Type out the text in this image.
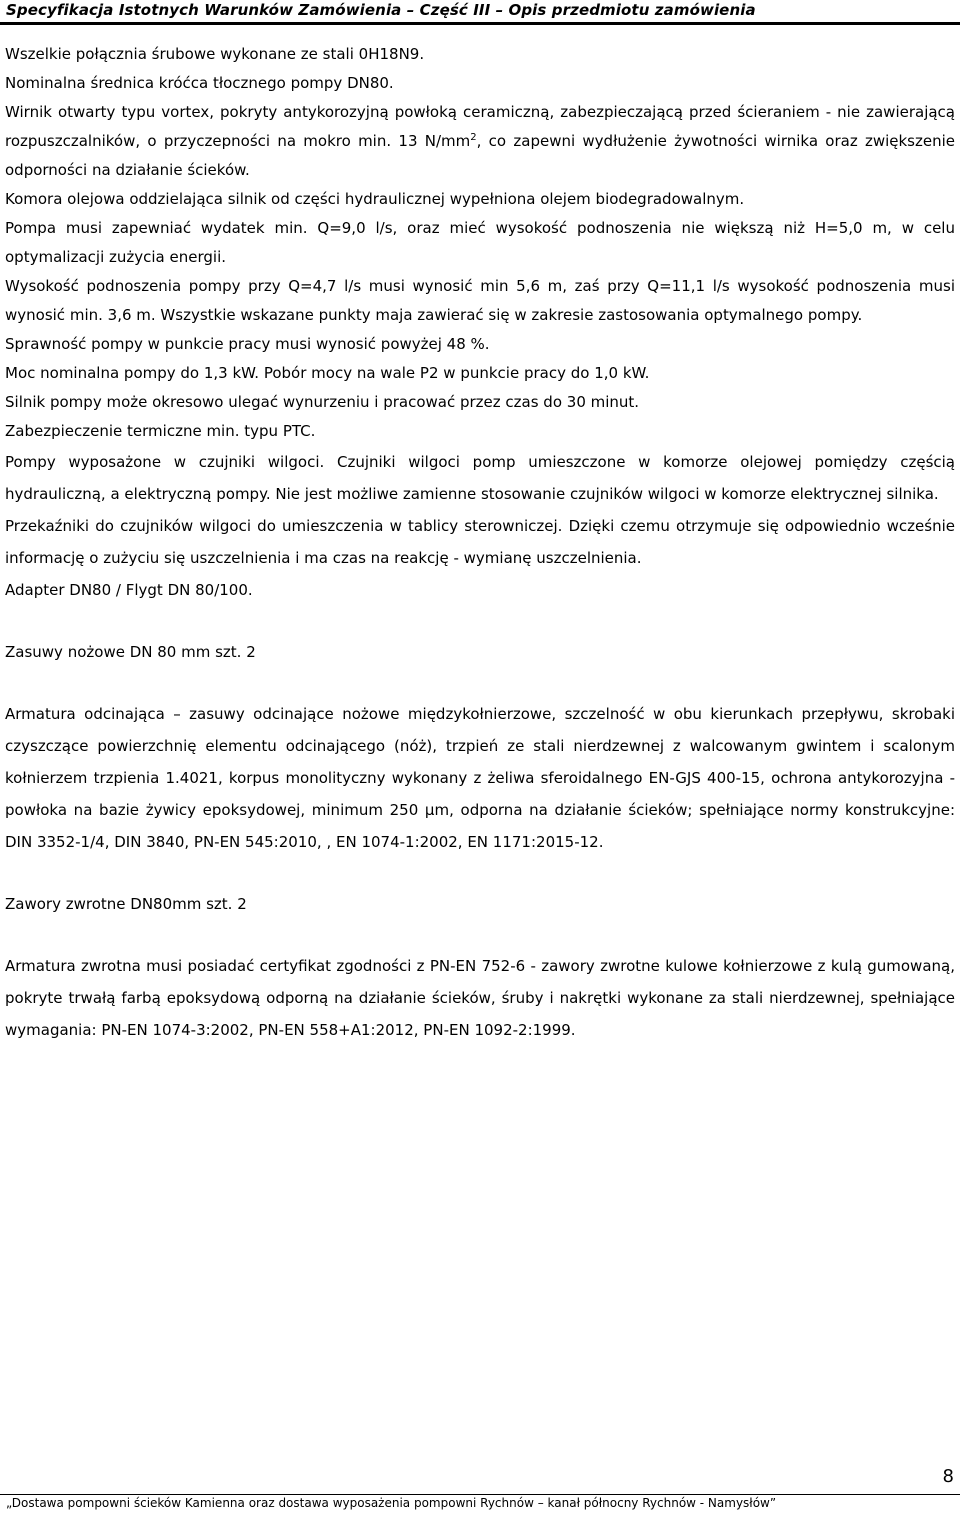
Specyfikacja Istotnych Warunków Zamówienia – Część III – Opis przedmiotu zamówienia

Wszelkie połącznia śrubowe wykonane ze stali 0H18N9.

Nominalna średnica króćca tłocznego pompy DN80.

Wirnik otwarty typu vortex, pokryty antykorozyjną powłoką ceramiczną, zabezpieczającą przed ścieraniem - nie zawierającą rozpuszczalników, o przyczepności na mokro min. 13 $N/mm^2$, co zapewni wydłużenie żywotności wirnika oraz zwiększenie odporności na działanie ścieków.

Komora olejowa oddzielająca silnik od części hydraulicznej wypełniona olejem biodegradowalnym.

Pompa musi zapewniać wydatek min. Q=9,0 l/s, oraz mieć wysokość podnoszenia nie większą niż H=5,0 m, w celu optymalizacji zużycia energii.

Wysokość podnoszenia pompy przy Q=4,7 l/s musi wynosić min 5,6 m, zaś przy Q=11,1 l/s wysokość podnoszenia musi wynosić min. 3,6 m. Wszystkie wskazane punkty maja zawierać się w zakresie zastosowania optymalnego pompy.

Sprawność pompy w punkcie pracy musi wynosić powyżej 48 %.

Moc nominalna pompy do 1,3 kW. Pobór mocy na wale P2 w punkcie pracy do 1,0 kW.

Silnik pompy może okresowo ulegać wynurzeniu i pracować przez czas do 30 minut.

Zabezpieczenie termiczne min. typu PTC.

Pompy wyposażone w czujniki wilgoci. Czujniki wilgoci pomp umieszczone w komorze olejowej pomiędzy częścią hydrauliczną, a elektryczną pompy. Nie jest możliwe zamienne stosowanie czujników wilgoci w komorze elektrycznej silnika.

Przekaźniki do czujników wilgoci do umieszczenia w tablicy sterowniczej. Dzięki czemu otrzymuje się odpowiednio wcześnie informację o zużyciu się uszczelnienia i ma czas na reakcję - wymianę uszczelnienia.

Adapter DN80 / Flygt DN 80/100.

Zasuwy nożowe DN 80 mm szt. 2

Armatura odcinająca – zasuwy odcinające nożowe międzykołnierzowe, szczelność w obu kierunkach przepływu, skrobaki czyszczące powierzchnię elementu odcinającego (nóż), trzpień ze stali nierdzewnej z walcowanym gwintem i scalonym kołnierzem trzpienia 1.4021, korpus monolityczny wykonany z żeliwa sferoidalnego EN-GJS 400-15, ochrona antykorozyjna - powłoka na bazie żywicy epoksydowej, minimum 250 µm, odporna na działanie ścieków; spełniające normy konstrukcyjne: DIN 3352-1/4, DIN 3840, PN-EN 545:2010, , EN 1074-1:2002, EN 1171:2015-12.

Zawory zwrotne DN80mm szt. 2

Armatura zwrotna musi posiadać certyfikat zgodności z PN-EN 752-6 - zawory zwrotne kulowe kołnierzowe z kulą gumowaną, pokryte trwałą farbą epoksydową odporną na działanie ścieków, śruby i nakrętki wykonane za stali nierdzewnej, spełniające wymagania: PN-EN 1074-3:2002, PN-EN 558+A1:2012, PN-EN 1092-2:1999.

8
„Dostawa pompowni ścieków Kamienna oraz dostawa wyposażenia pompowni Rychnów – kanał północny Rychnów - Namysłów”
